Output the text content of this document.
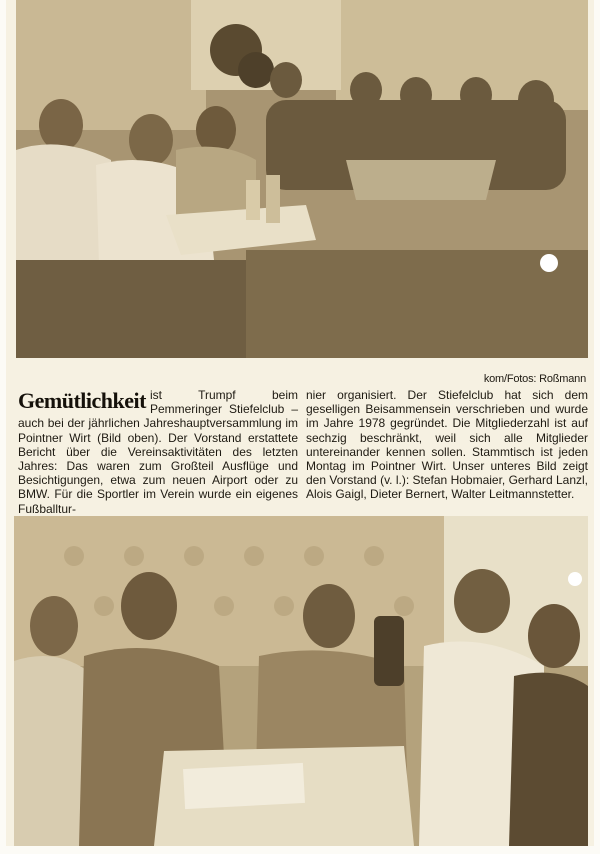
kom/Fotos: Roßmann
Gemütlichkeit ist Trumpf beim Pemmeringer Stiefelclub – auch bei der jährlichen Jahreshauptversammlung im Pointner Wirt (Bild oben). Der Vorstand erstattete Bericht über die Vereinsaktivitäten des letzten Jahres: Das waren zum Großteil Ausflüge und Besichtigungen, etwa zum neuen Airport oder zu BMW. Für die Sportler im Verein wurde ein eigenes Fußballtur-
nier organisiert. Der Stiefelclub hat sich dem geselligen Beisammensein verschrieben und wurde im Jahre 1978 gegründet. Die Mitgliederzahl ist auf sechzig beschränkt, weil sich alle Mitglieder untereinander kennen sollen. Stammtisch ist jeden Montag im Pointner Wirt. Unser unteres Bild zeigt den Vorstand (v. l.): Stefan Hobmaier, Gerhard Lanzl, Alois Gaigl, Dieter Bernert, Walter Leitmannstetter.
